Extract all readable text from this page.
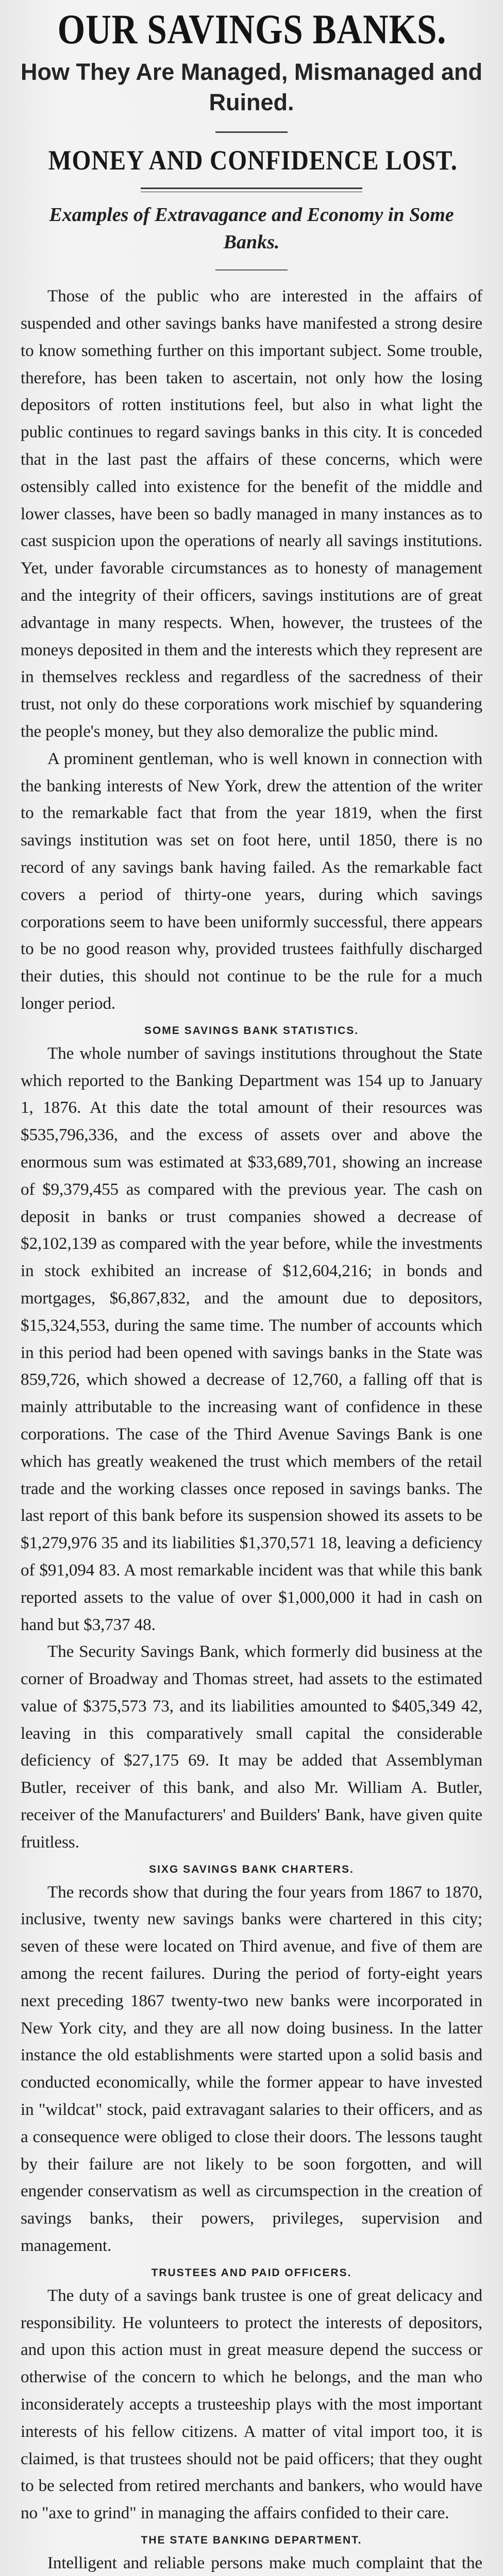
OUR SAVINGS BANKS.
How They Are Managed, Mismanaged and Ruined.
MONEY AND CONFIDENCE LOST.
Examples of Extravagance and Economy in Some Banks.

Those of the public who are interested in the affairs of suspended and other savings banks have manifested a strong desire to know something further on this important subject. Some trouble, therefore, has been taken to ascertain, not only how the losing depositors of rotten institutions feel, but also in what light the public continues to regard savings banks in this city. It is conceded that in the last past the affairs of these concerns, which were ostensibly called into existence for the benefit of the middle and lower classes, have been so badly managed in many instances as to cast suspicion upon the operations of nearly all savings institutions. Yet, under favorable circumstances as to honesty of management and the integrity of their officers, savings institutions are of great advantage in many respects. When, however, the trustees of the moneys deposited in them and the interests which they represent are in themselves reckless and regardless of the sacredness of their trust, not only do these corporations work mischief by squandering the people's money, but they also demoralize the public mind.

A prominent gentleman, who is well known in connection with the banking interests of New York, drew the attention of the writer to the remarkable fact that from the year 1819, when the first savings institution was set on foot here, until 1850, there is no record of any savings bank having failed. As the remarkable fact covers a period of thirty-one years, during which savings corporations seem to have been uniformly successful, there appears to be no good reason why, provided trustees faithfully discharged their duties, this should not continue to be the rule for a much longer period.

SOME SAVINGS BANK STATISTICS.

The whole number of savings institutions throughout the State which reported to the Banking Department was 154 up to January 1, 1876. At this date the total amount of their resources was $535,796,336, and the excess of assets over and above the enormous sum was estimated at $33,689,701, showing an increase of $9,379,455 as compared with the previous year. The cash on deposit in banks or trust companies showed a decrease of $2,102,139 as compared with the year before, while the investments in stock exhibited an increase of $12,604,216; in bonds and mortgages, $6,867,832, and the amount due to depositors, $15,324,553, during the same time. The number of accounts which in this period had been opened with savings banks in the State was 859,726, which showed a decrease of 12,760, a falling off that is mainly attributable to the increasing want of confidence in these corporations. The case of the Third Avenue Savings Bank is one which has greatly weakened the trust which members of the retail trade and the working classes once reposed in savings banks. The last report of this bank before its suspension showed its assets to be $1,279,976 35 and its liabilities $1,370,571 18, leaving a deficiency of $91,094 83. A most remarkable incident was that while this bank reported assets to the value of over $1,000,000 it had in cash on hand but $3,737 48.

The Security Savings Bank, which formerly did business at the corner of Broadway and Thomas street, had assets to the estimated value of $375,573 73, and its liabilities amounted to $405,349 42, leaving in this comparatively small capital the considerable deficiency of $27,175 69. It may be added that Assemblyman Butler, receiver of this bank, and also Mr. William A. Butler, receiver of the Manufacturers' and Builders' Bank, have given quite fruitless.

SIXG SAVINGS BANK CHARTERS.

The records show that during the four years from 1867 to 1870, inclusive, twenty new savings banks were chartered in this city; seven of these were located on Third avenue, and five of them are among the recent failures. During the period of forty-eight years next preceding 1867 twenty-two new banks were incorporated in New York city, and they are all now doing business. In the latter instance the old establishments were started upon a solid basis and conducted economically, while the former appear to have invested in "wildcat" stock, paid extravagant salaries to their officers, and as a consequence were obliged to close their doors. The lessons taught by their failure are not likely to be soon forgotten, and will engender conservatism as well as circumspection in the creation of savings banks, their powers, privileges, supervision and management.

TRUSTEES AND PAID OFFICERS.

The duty of a savings bank trustee is one of great delicacy and responsibility. He volunteers to protect the interests of depositors, and upon this action must in great measure depend the success or otherwise of the concern to which he belongs, and the man who inconsiderately accepts a trusteeship plays with the most important interests of his fellow citizens. A matter of vital import too, it is claimed, is that trustees should not be paid officers; that they ought to be selected from retired merchants and bankers, who would have no "axe to grind" in managing the affairs confided to their care.

THE STATE BANKING DEPARTMENT.

Intelligent and reliable persons make much complaint that the
